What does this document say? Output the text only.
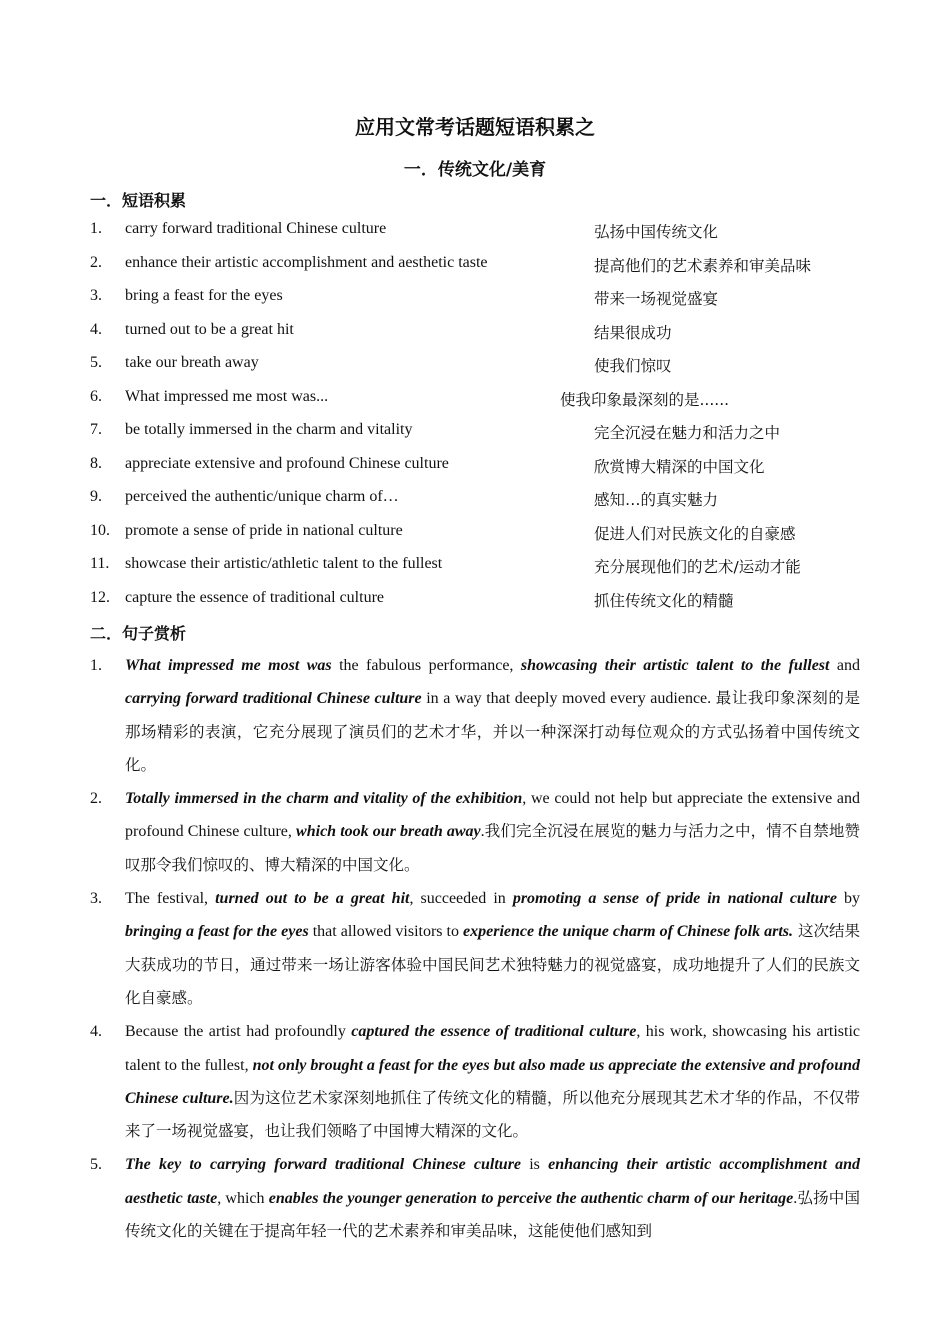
应用文常考话题短语积累之
一．传统文化/美育
一．短语积累
1. carry forward traditional Chinese culture	弘扬中国传统文化
2. enhance their artistic accomplishment and aesthetic taste	提高他们的艺术素养和审美品味
3. bring a feast for the eyes	带来一场视觉盛宴
4. turned out to be a great hit	结果很成功
5. take our breath away	使我们惊叹
6. What impressed me most was...	使我印象最深刻的是......
7. be totally immersed in the charm and vitality	完全沉浸在魅力和活力之中
8. appreciate extensive and profound Chinese culture	欣赏博大精深的中国文化
9. perceived the authentic/unique charm of…	感知…的真实魅力
10. promote a sense of pride in national culture	促进人们对民族文化的自豪感
11. showcase their artistic/athletic talent to the fullest	充分展现他们的艺术/运动才能
12. capture the essence of traditional culture	抓住传统文化的精髓
二．句子赏析
1. What impressed me most was the fabulous performance, showcasing their artistic talent to the fullest and carrying forward traditional Chinese culture in a way that deeply moved every audience. 最让我印象深刻的是那场精彩的表演，它充分展现了演员们的艺术才华，并以一种深深打动每位观众的方式弘扬着中国传统文化。
2. Totally immersed in the charm and vitality of the exhibition, we could not help but appreciate the extensive and profound Chinese culture, which took our breath away.我们完全沉浸在展览的魅力与活力之中，情不自禁地赞叹那令我们惊叹的、博大精深的中国文化。
3. The festival, turned out to be a great hit, succeeded in promoting a sense of pride in national culture by bringing a feast for the eyes that allowed visitors to experience the unique charm of Chinese folk arts. 这次结果大获成功的节日，通过带来一场让游客体验中国民间艺术独特魅力的视觉盛宴，成功地提升了人们的民族文化自豪感。
4. Because the artist had profoundly captured the essence of traditional culture, his work, showcasing his artistic talent to the fullest, not only brought a feast for the eyes but also made us appreciate the extensive and profound Chinese culture.因为这位艺术家深刻地抓住了传统文化的精髓，所以他充分展现其艺术才华的作品，不仅带来了一场视觉盛宴，也让我们领略了中国博大精深的文化。
5. The key to carrying forward traditional Chinese culture is enhancing their artistic accomplishment and aesthetic taste, which enables the younger generation to perceive the authentic charm of our heritage.弘扬中国传统文化的关键在于提高年轻一代的艺术素养和审美品味，这能使他们感知到
